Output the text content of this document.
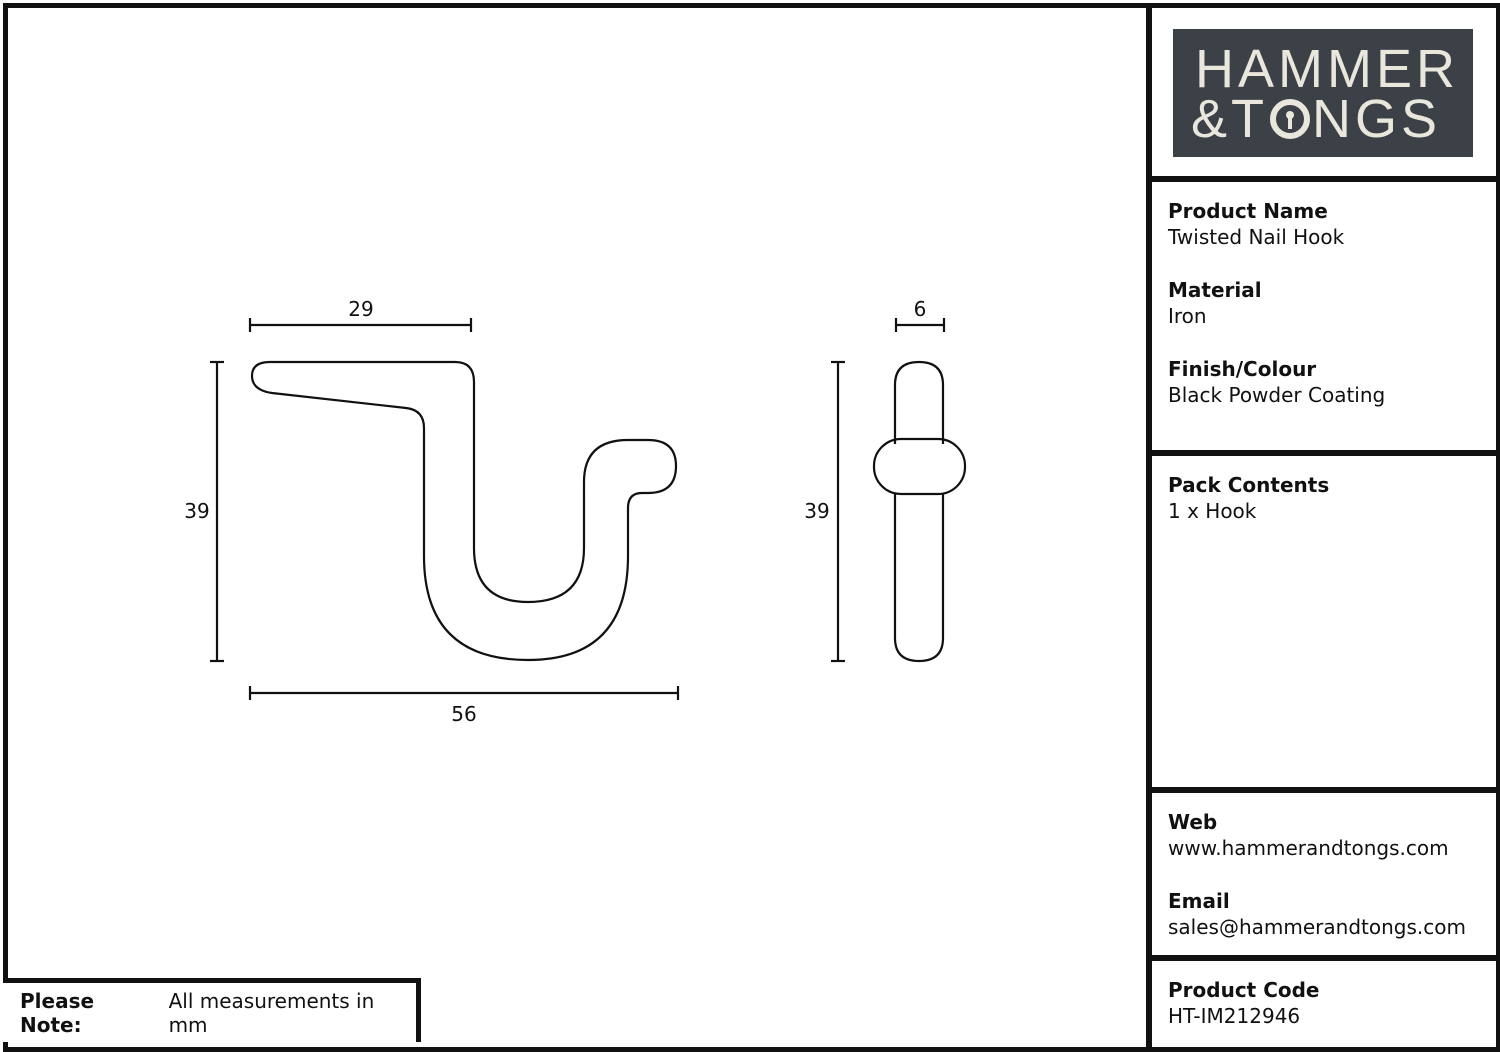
29
39
56
6
39
Please Note:
All measurements in mm
Product Name
Twisted Nail Hook
Material
Iron
Finish/Colour
Black Powder Coating
Pack Contents
1 x Hook
Web
www.hammerandtongs.com
Email
sales@hammerandtongs.com
Product Code
HT-IM212946
HAMMER
&T NGS
